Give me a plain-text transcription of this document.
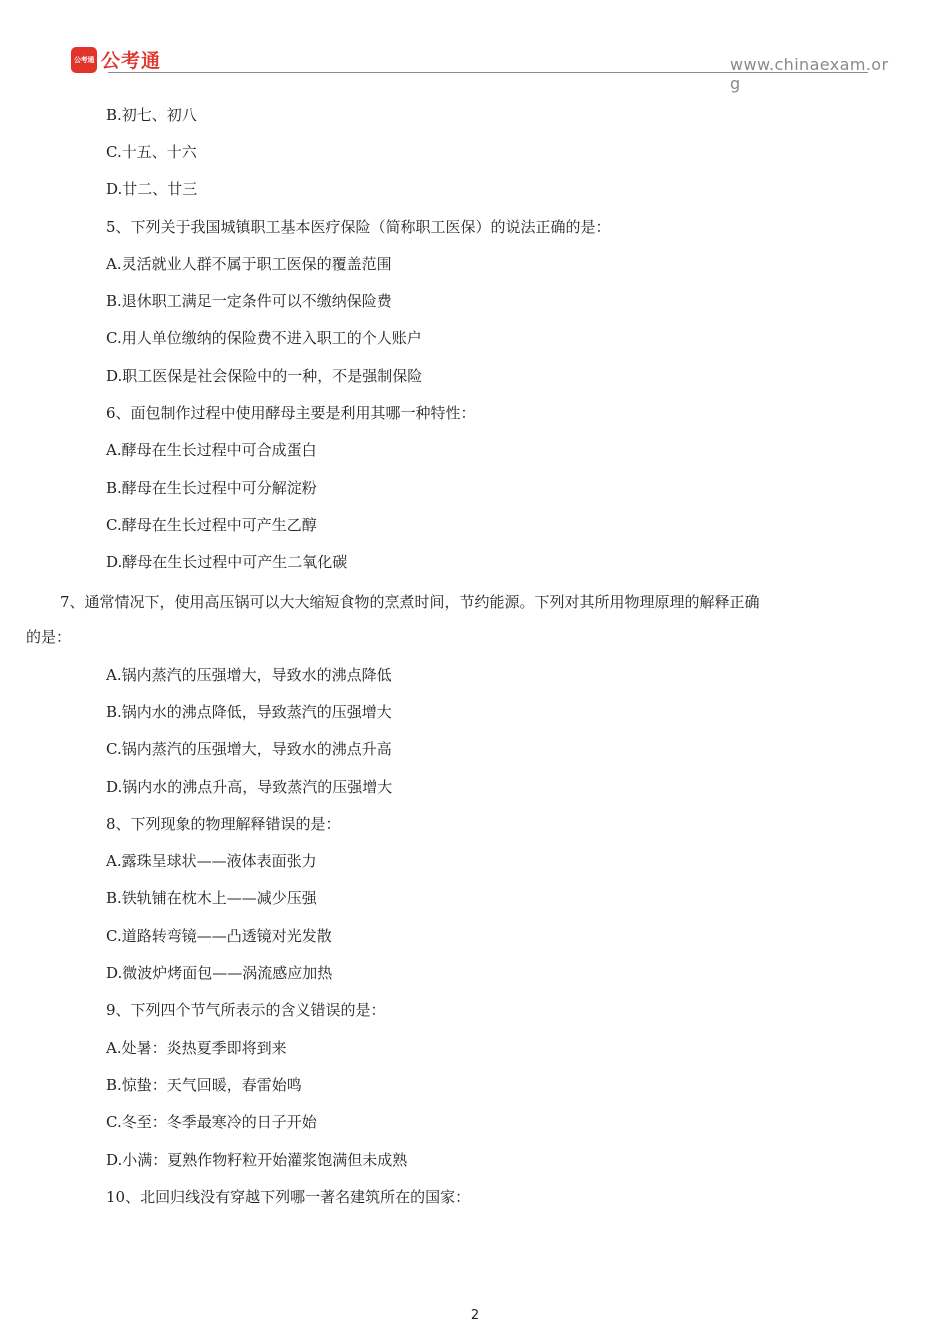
公考通 公考通	www.chinaexam.org
B.初七、初八
C.十五、十六
D.廿二、廿三
5、下列关于我国城镇职工基本医疗保险（简称职工医保）的说法正确的是：
A.灵活就业人群不属于职工医保的覆盖范围
B.退休职工满足一定条件可以不缴纳保险费
C.用人单位缴纳的保险费不进入职工的个人账户
D.职工医保是社会保险中的一种，不是强制保险
6、面包制作过程中使用酵母主要是利用其哪一种特性：
A.酵母在生长过程中可合成蛋白
B.酵母在生长过程中可分解淀粉
C.酵母在生长过程中可产生乙醇
D.酵母在生长过程中可产生二氧化碳
7、通常情况下，使用高压锅可以大大缩短食物的烹煮时间，节约能源。下列对其所用物理原理的解释正确
的是：
A.锅内蒸汽的压强增大，导致水的沸点降低
B.锅内水的沸点降低，导致蒸汽的压强增大
C.锅内蒸汽的压强增大，导致水的沸点升高
D.锅内水的沸点升高，导致蒸汽的压强增大
8、下列现象的物理解释错误的是：
A.露珠呈球状——液体表面张力
B.铁轨铺在枕木上——减少压强
C.道路转弯镜——凸透镜对光发散
D.微波炉烤面包——涡流感应加热
9、下列四个节气所表示的含义错误的是：
A.处暑：炎热夏季即将到来
B.惊蛰：天气回暖，春雷始鸣
C.冬至：冬季最寒冷的日子开始
D.小满：夏熟作物籽粒开始灌浆饱满但未成熟
10、北回归线没有穿越下列哪一著名建筑所在的国家：
2
